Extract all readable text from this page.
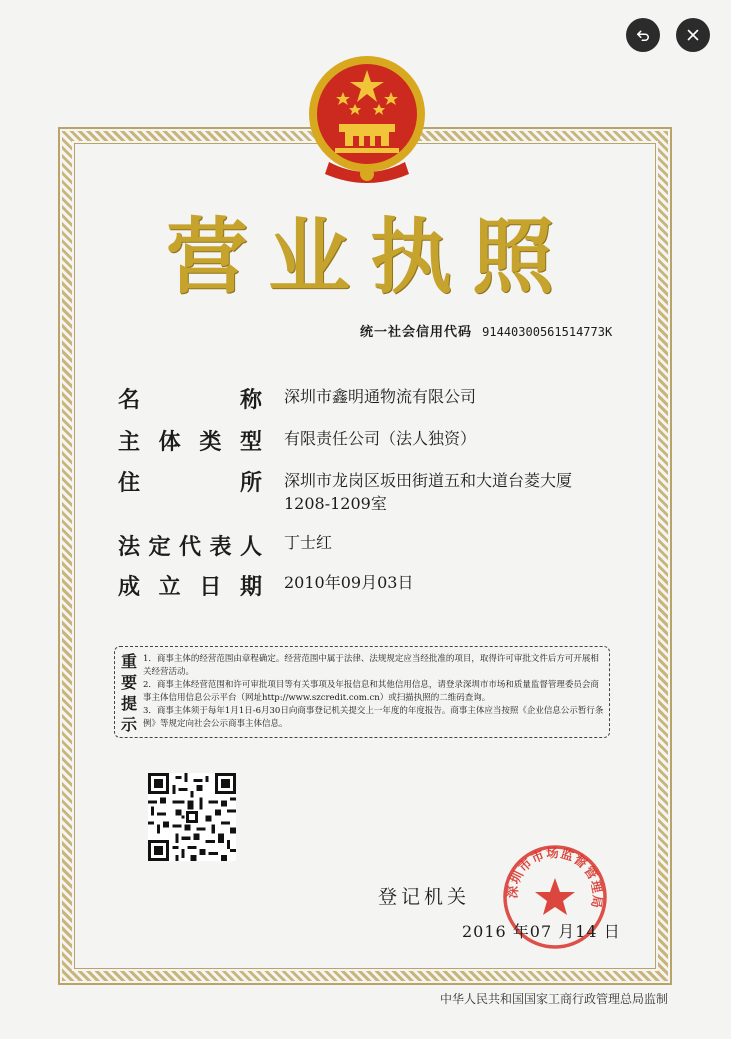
营业执照
统一社会信用代码 91440300561514773K
名	称 深圳市鑫明通物流有限公司
主 体 类 型 有限责任公司（法人独资）
住	所 深圳市龙岗区坂田街道五和大道台菱大厦
1208-1209室
法 定 代 表 人 丁士红
成 立 日 期 2010年09月03日
重要提示
1．商事主体的经营范围由章程确定。经营范围中属于法律、法规规定应当经批准的项目，取得许可审批文件后方可开展相关经营活动。
2．商事主体经营范围和许可审批项目等有关事项及年报信息和其他信用信息，请登录深圳市市场和质量监督管理委员会商事主体信用信息公示平台（网址http://www.szcredit.com.cn）或扫描执照的二维码查询。
3．商事主体须于每年1月1日-6月30日向商事登记机关提交上一年度的年度报告。商事主体应当按照《企业信息公示暂行条例》等规定向社会公示商事主体信息。
登记机关	深圳市市场监督管理局
2016 年07 月14 日
中华人民共和国国家工商行政管理总局监制
